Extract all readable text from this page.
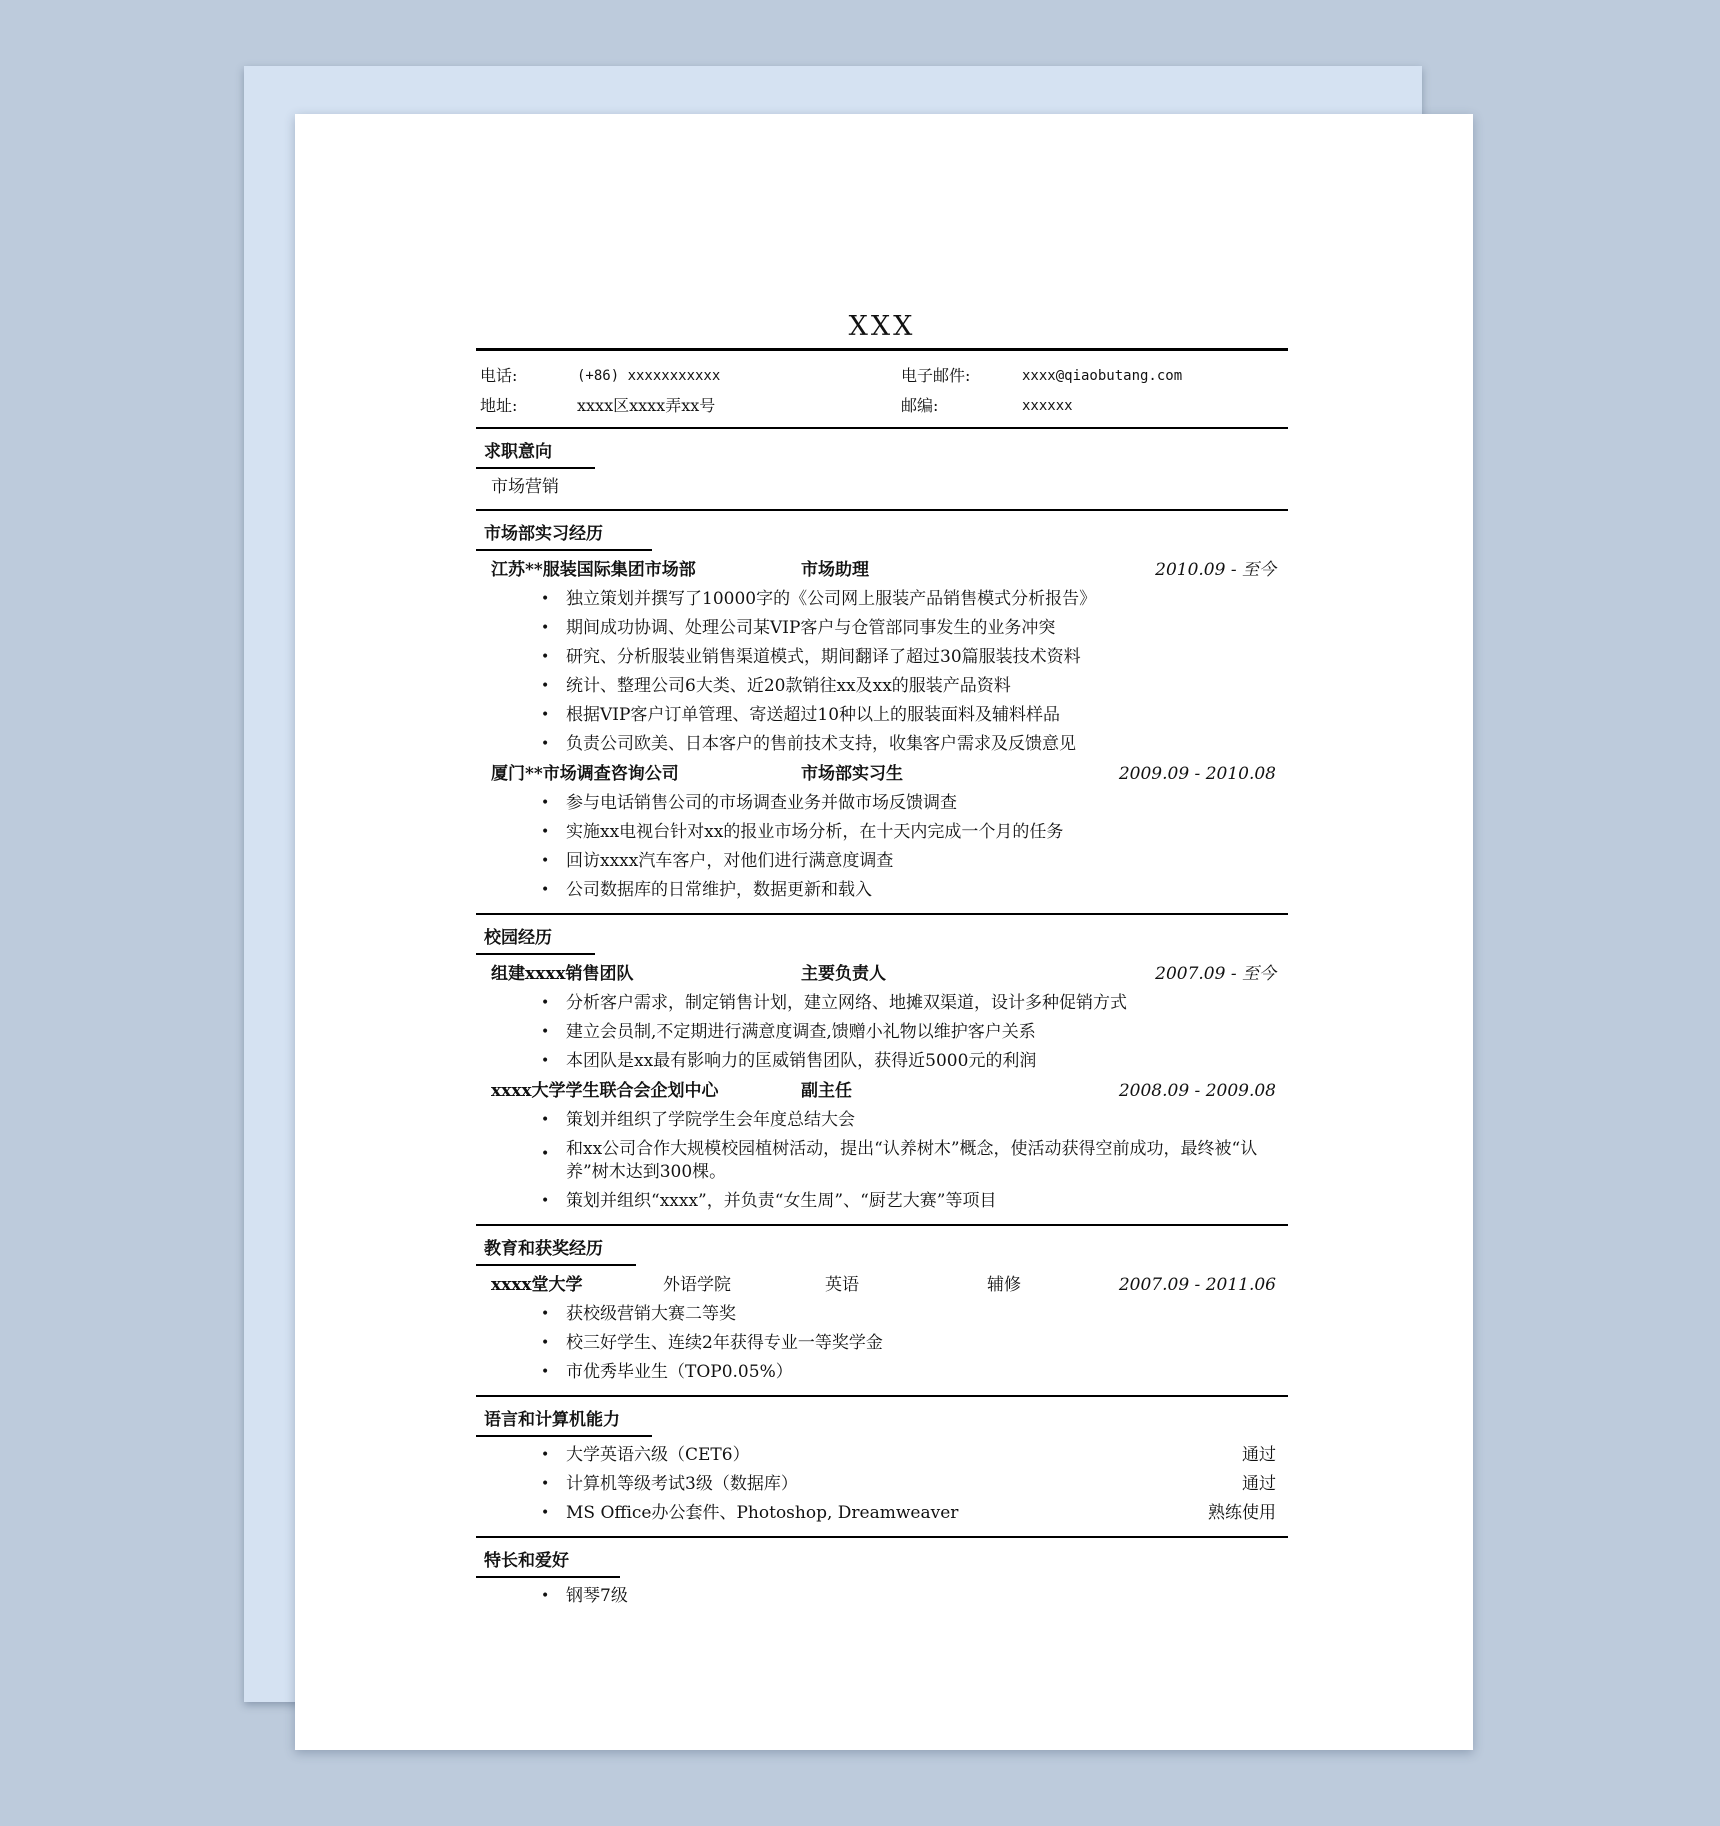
XXX
电话:	(+86) xxxxxxxxxxx	电子邮件:	xxxx@qiaobutang.com
地址:	xxxx区xxxx弄xx号	邮编:	xxxxxx
求职意向
市场营销
市场部实习经历
江苏**服装国际集团市场部	市场助理	2010.09 - 至今
• 独立策划并撰写了10000字的《公司网上服装产品销售模式分析报告》
• 期间成功协调、处理公司某VIP客户与仓管部同事发生的业务冲突
• 研究、分析服装业销售渠道模式，期间翻译了超过30篇服装技术资料
• 统计、整理公司6大类、近20款销往xx及xx的服装产品资料
• 根据VIP客户订单管理、寄送超过10种以上的服装面料及辅料样品
• 负责公司欧美、日本客户的售前技术支持，收集客户需求及反馈意见
厦门**市场调查咨询公司	市场部实习生	2009.09 - 2010.08
• 参与电话销售公司的市场调查业务并做市场反馈调查
• 实施xx电视台针对xx的报业市场分析，在十天内完成一个月的任务
• 回访xxxx汽车客户，对他们进行满意度调查
• 公司数据库的日常维护，数据更新和载入
校园经历
组建xxxx销售团队	主要负责人	2007.09 - 至今
• 分析客户需求，制定销售计划，建立网络、地摊双渠道，设计多种促销方式
• 建立会员制,不定期进行满意度调查,馈赠小礼物以维护客户关系
• 本团队是xx最有影响力的匡威销售团队，获得近5000元的利润
xxxx大学学生联合会企划中心	副主任	2008.09 - 2009.08
• 策划并组织了学院学生会年度总结大会
• 和xx公司合作大规模校园植树活动，提出“认养树木”概念，使活动获得空前成功，最终被“认养”树木达到300棵。
• 策划并组织“xxxx”，并负责“女生周”、“厨艺大赛”等项目
教育和获奖经历
xxxx堂大学	外语学院	英语	辅修	2007.09 - 2011.06
• 获校级营销大赛二等奖
• 校三好学生、连续2年获得专业一等奖学金
• 市优秀毕业生（TOP0.05%）
语言和计算机能力
• 大学英语六级（CET6）	通过
• 计算机等级考试3级（数据库）	通过
• MS Office办公套件、Photoshop, Dreamweaver	熟练使用
特长和爱好
• 钢琴7级
